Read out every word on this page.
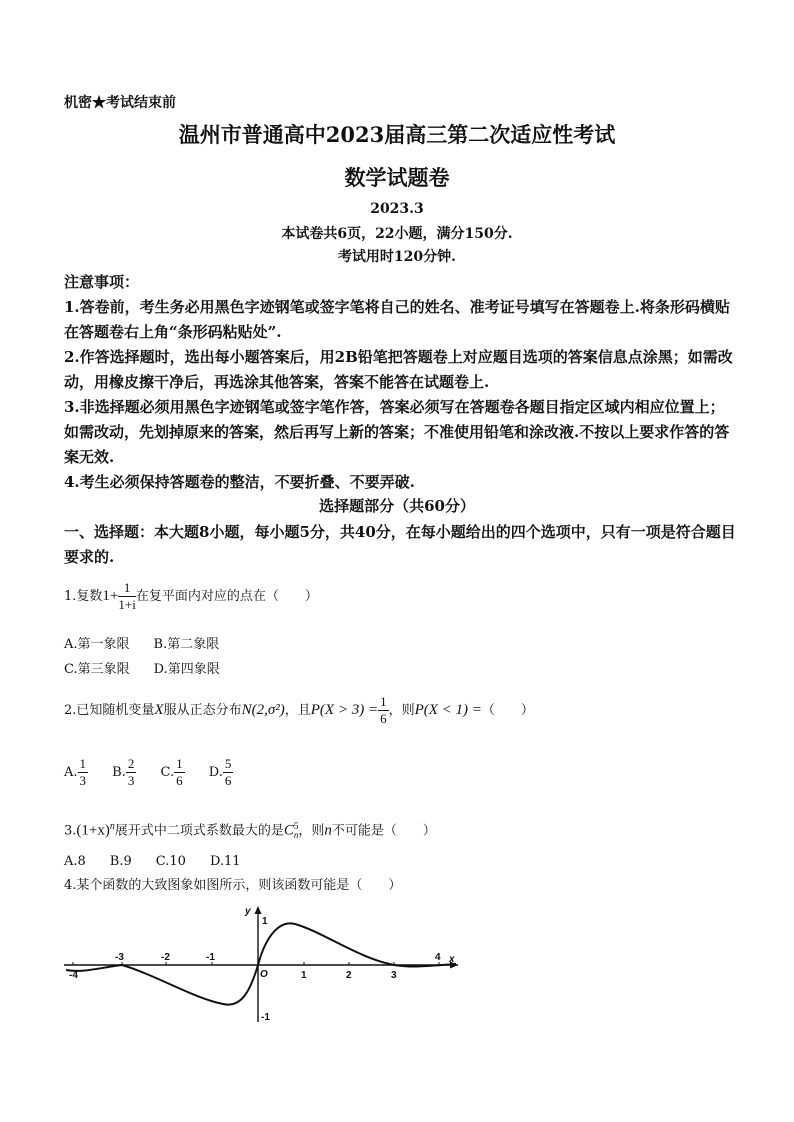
机密★考试结束前
温州市普通高中2023届高三第二次适应性考试
数学试题卷
2023.3
本试卷共6页，22小题，满分150分.
考试用时120分钟.
注意事项：
1.答卷前，考生务必用黑色字迹钢笔或签字笔将自己的姓名、准考证号填写在答题卷上.将条形码横贴在答题卷右上角“条形码粘贴处”.
2.作答选择题时，选出每小题答案后，用2B铅笔把答题卷上对应题目选项的答案信息点涂黑；如需改动，用橡皮擦干净后，再选涂其他答案，答案不能答在试题卷上.
3.非选择题必须用黑色字迹钢笔或签字笔作答，答案必须写在答题卷各题目指定区域内相应位置上；如需改动，先划掉原来的答案，然后再写上新的答案；不准使用铅笔和涂改液.不按以上要求作答的答案无效.
4.考生必须保持答题卷的整洁，不要折叠、不要弄破.
选择题部分（共60分）
一、选择题：本大题8小题，每小题5分，共40分，在每小题给出的四个选项中，只有一项是符合题目要求的.
1.复数$1+ \frac{1}{1+i}$ 在复平面内对应的点在（　　）
A.第一象限 B.第二象限
C.第三象限 D.第四象限
2.已知随机变量X服从正态分布N(2,σ²)，且$P(X > 3) = \frac{1}{6}$ ，则P(X < 1) =（　　）
A. $\frac{1}{3} B$. $\frac{2}{3} C$. $\frac{1}{6} D$. $\frac{5}{6}$
$3.(1+x)^n$展开式中二项式系数最大的是C 5
n ，则n不可能是（　　）
A.8 B.9 C.10 D.11
4.某个函数的大致图象如图所示，则该函数可能是（　　）
-4
-3	-2	-1
1	2	3
4 x
y
1
-1
O
